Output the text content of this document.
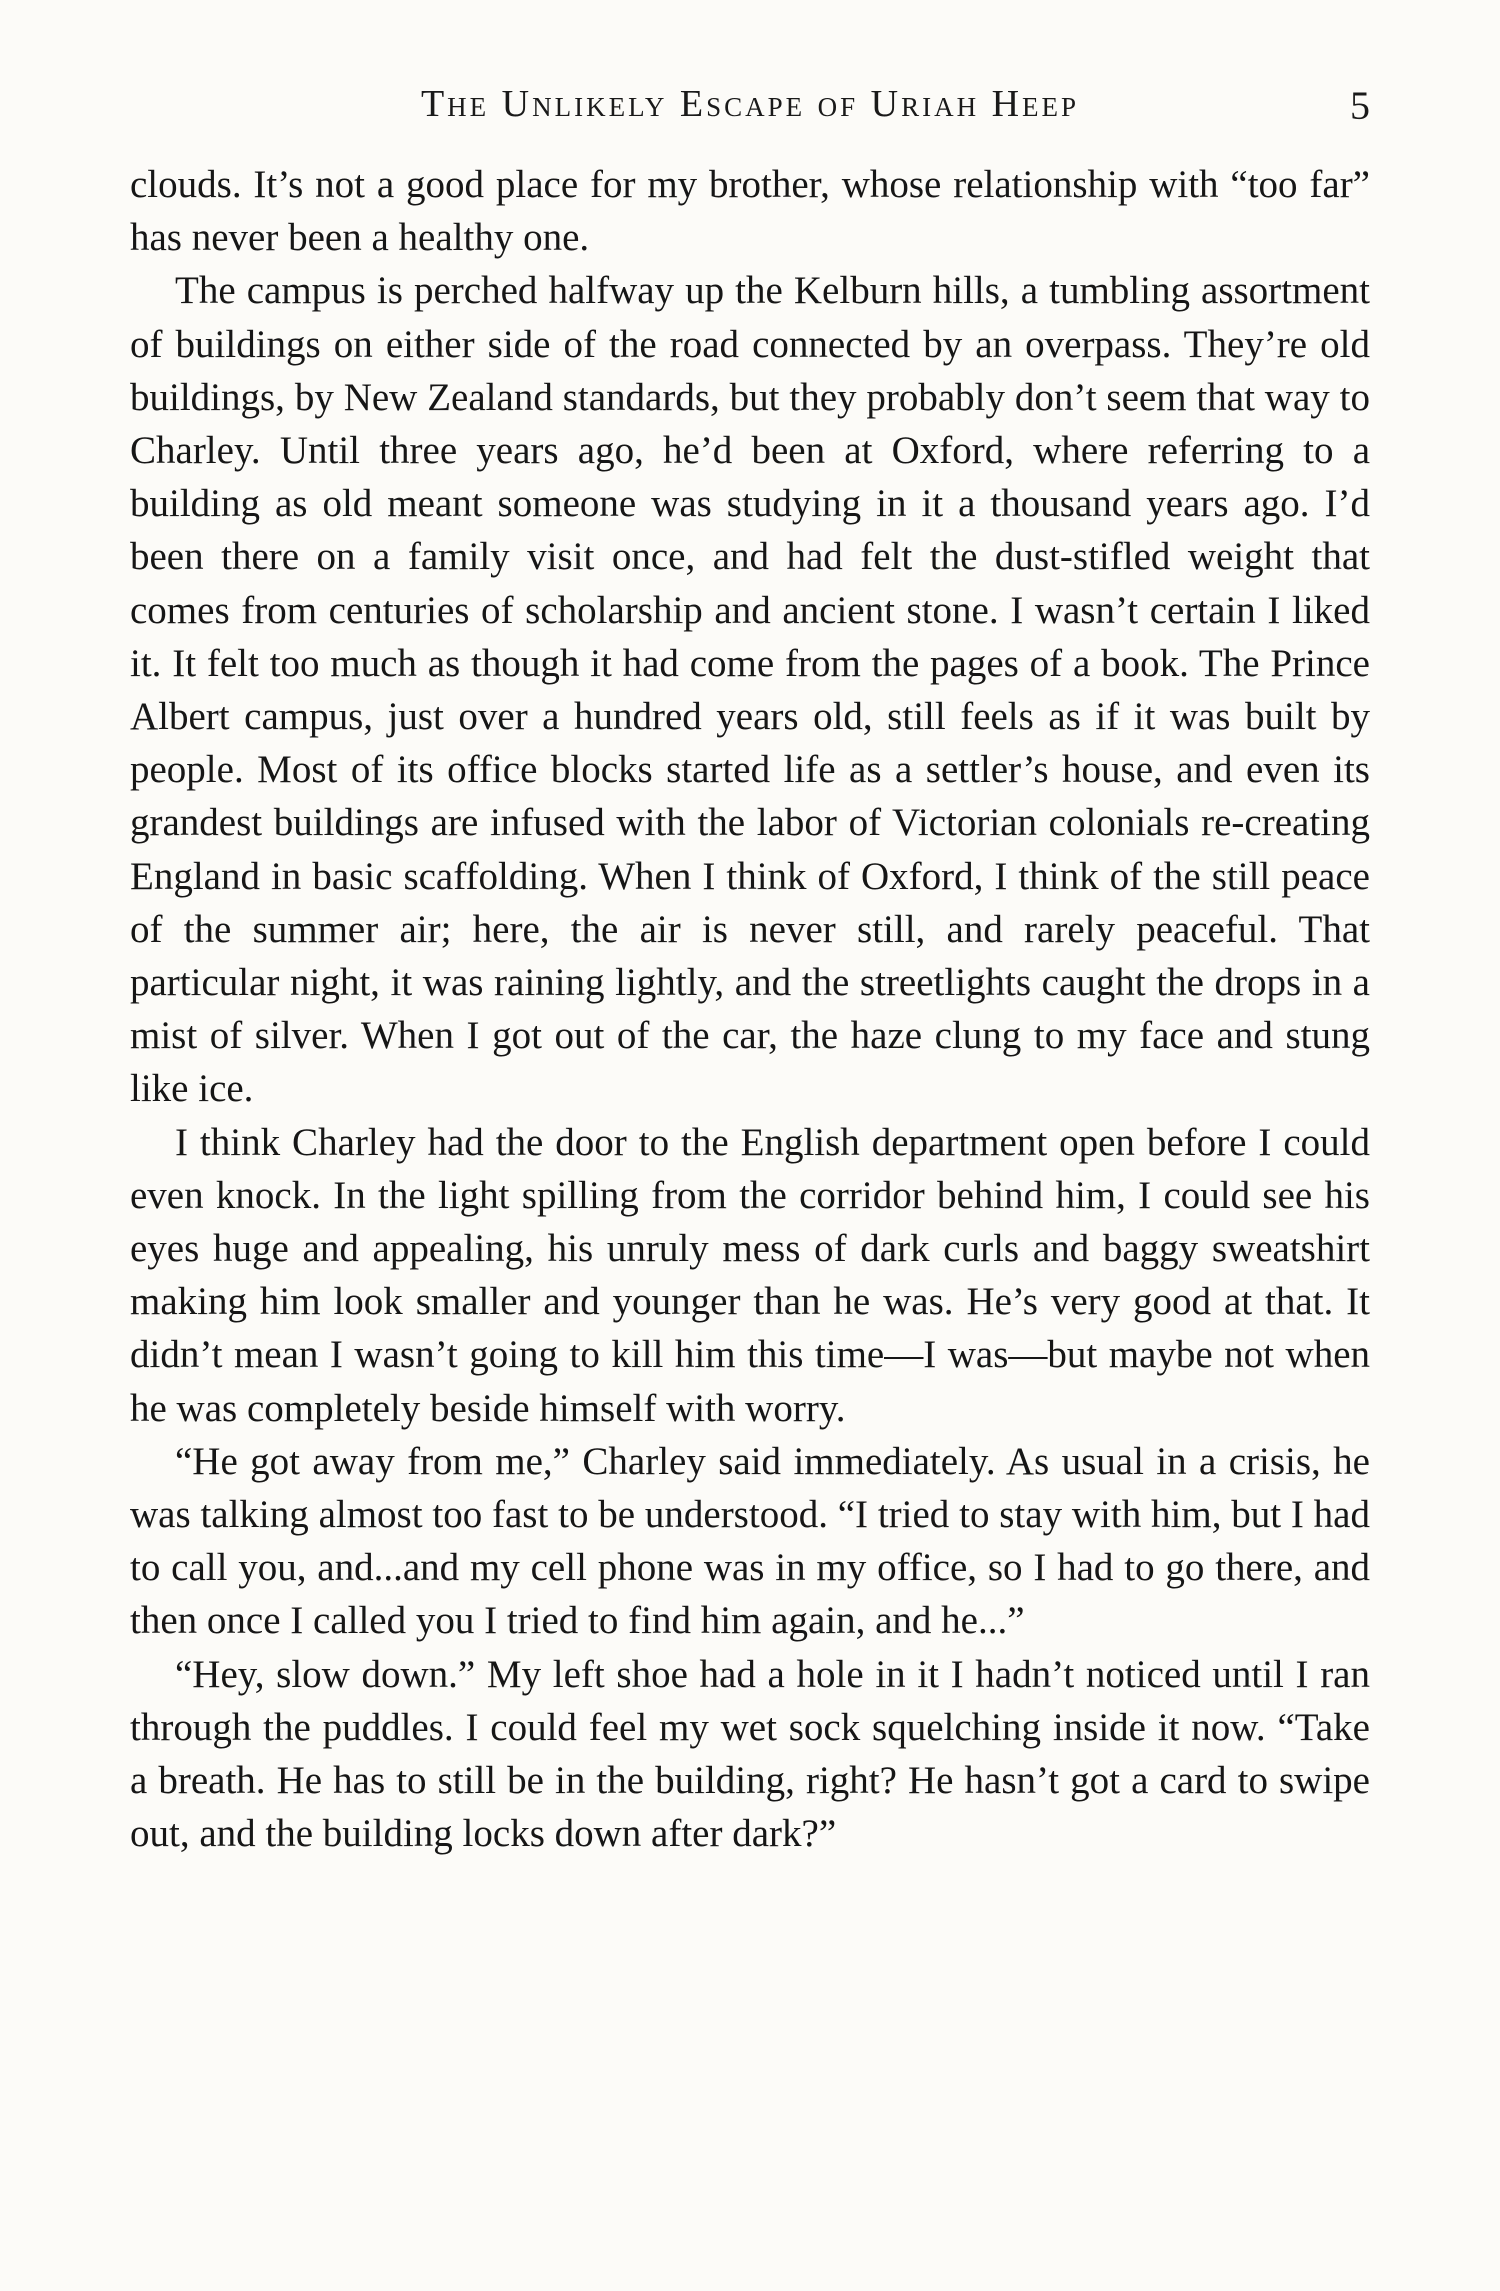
The Unlikely Escape of Uriah Heep	5

clouds. It’s not a good place for my brother, whose relationship with “too far” has never been a healthy one.

The campus is perched halfway up the Kelburn hills, a tumbling assortment of buildings on either side of the road connected by an overpass. They’re old buildings, by New Zealand standards, but they probably don’t seem that way to Charley. Until three years ago, he’d been at Oxford, where referring to a building as old meant someone was studying in it a thousand years ago. I’d been there on a family visit once, and had felt the dust-stifled weight that comes from centuries of scholarship and ancient stone. I wasn’t certain I liked it. It felt too much as though it had come from the pages of a book. The Prince Albert campus, just over a hundred years old, still feels as if it was built by people. Most of its office blocks started life as a settler’s house, and even its grandest buildings are infused with the labor of Victorian colonials re-creating England in basic scaffolding. When I think of Oxford, I think of the still peace of the summer air; here, the air is never still, and rarely peaceful. That particular night, it was raining lightly, and the streetlights caught the drops in a mist of silver. When I got out of the car, the haze clung to my face and stung like ice.

I think Charley had the door to the English department open before I could even knock. In the light spilling from the corridor behind him, I could see his eyes huge and appealing, his unruly mess of dark curls and baggy sweatshirt making him look smaller and younger than he was. He’s very good at that. It didn’t mean I wasn’t going to kill him this time—I was—but maybe not when he was completely beside himself with worry.

“He got away from me,” Charley said immediately. As usual in a crisis, he was talking almost too fast to be understood. “I tried to stay with him, but I had to call you, and...and my cell phone was in my office, so I had to go there, and then once I called you I tried to find him again, and he...”

“Hey, slow down.” My left shoe had a hole in it I hadn’t noticed until I ran through the puddles. I could feel my wet sock squelching inside it now. “Take a breath. He has to still be in the building, right? He hasn’t got a card to swipe out, and the building locks down after dark?”
